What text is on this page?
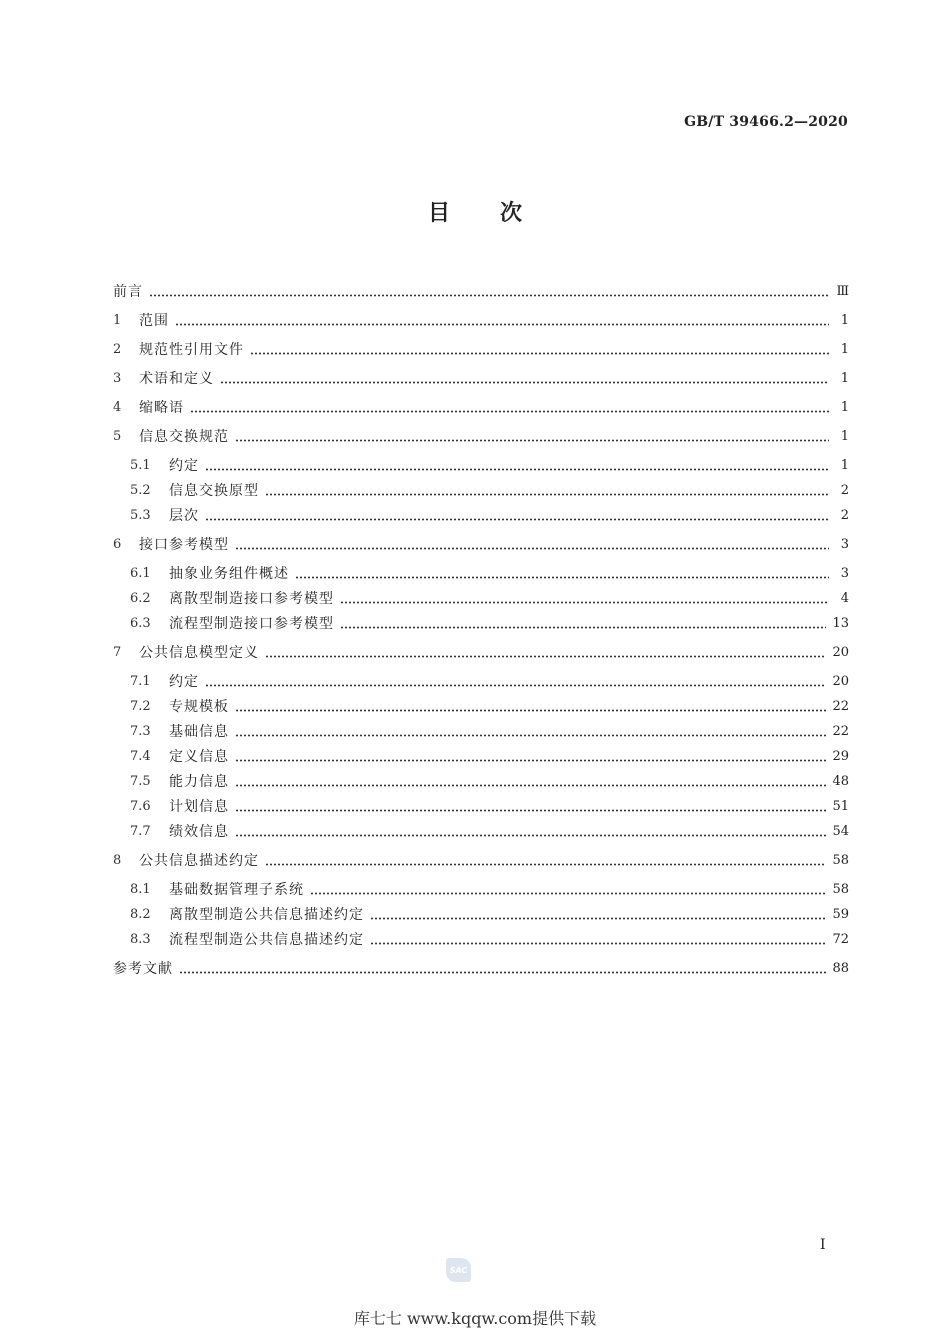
GB/T 39466.2—2020
目次
前言	Ⅲ
1	范围	1
2	规范性引用文件	1
3	术语和定义	1
4	缩略语	1
5	信息交换规范	1
5.1	约定	1
5.2	信息交换原型	2
5.3	层次	2
6	接口参考模型	3
6.1	抽象业务组件概述	3
6.2	离散型制造接口参考模型	4
6.3	流程型制造接口参考模型	13
7	公共信息模型定义	20
7.1	约定	20
7.2	专规模板	22
7.3	基础信息	22
7.4	定义信息	29
7.5	能力信息	48
7.6	计划信息	51
7.7	绩效信息	54
8	公共信息描述约定	58
8.1	基础数据管理子系统	58
8.2	离散型制造公共信息描述约定	59
8.3	流程型制造公共信息描述约定	72
参考文献	88
I
SAC
库七七 www.kqqw.com提供下载
